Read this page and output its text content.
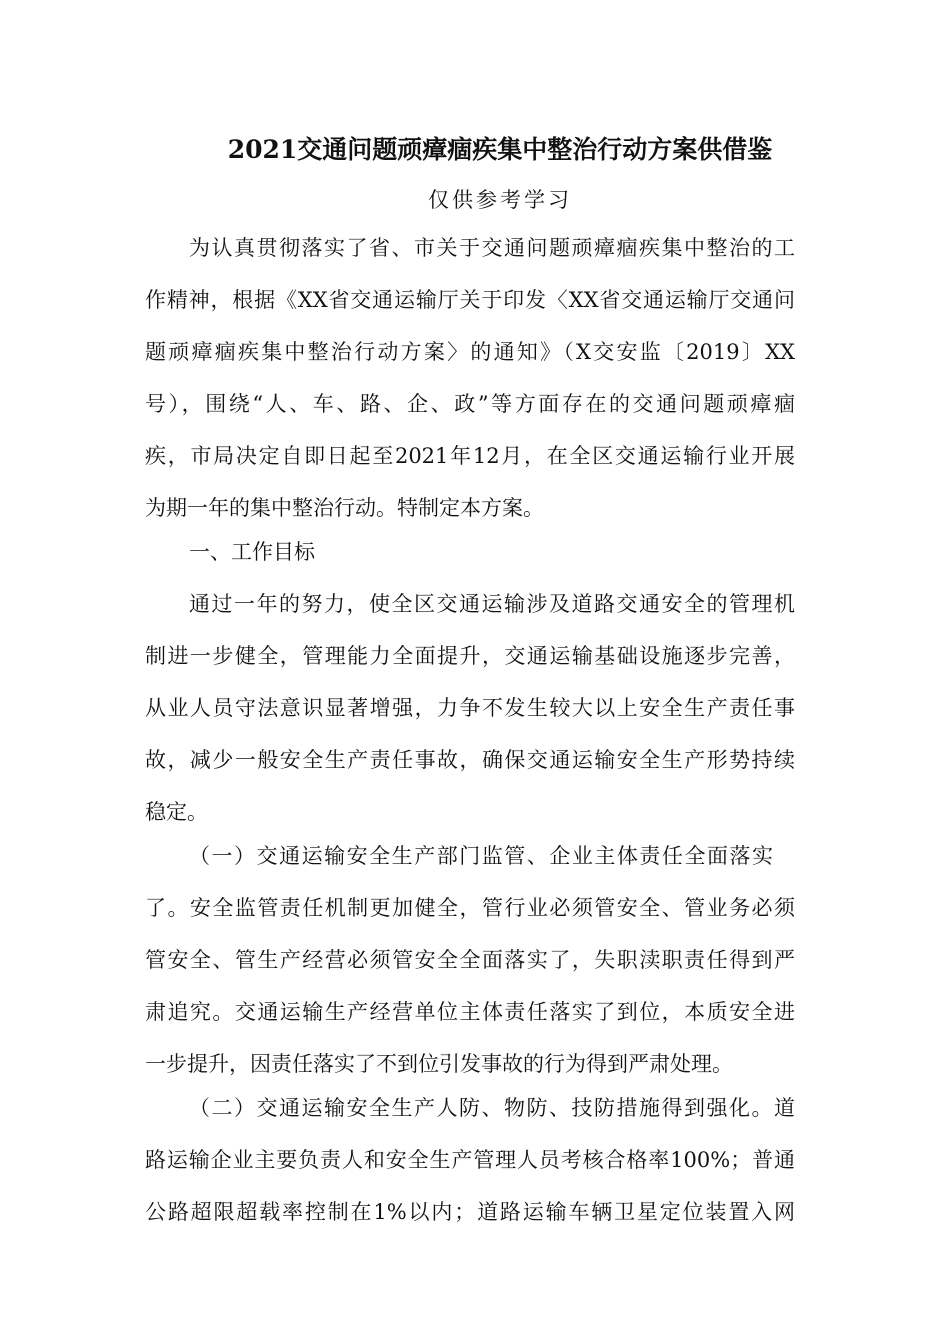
2021交通问题顽瘴痼疾集中整治行动方案供借鉴
仅供参考学习
为认真贯彻落实了省、市关于交通问题顽瘴痼疾集中整治的工
作精神，根据《XX省交通运输厅关于印发〈XX省交通运输厅交通问
题顽瘴痼疾集中整治行动方案〉的通知》（X交安监〔2019〕XX
号），围绕“人、车、路、企、政”等方面存在的交通问题顽瘴痼
疾，市局决定自即日起至2021年12月，在全区交通运输行业开展
为期一年的集中整治行动。特制定本方案。
一、工作目标
通过一年的努力，使全区交通运输涉及道路交通安全的管理机
制进一步健全，管理能力全面提升，交通运输基础设施逐步完善，
从业人员守法意识显著增强，力争不发生较大以上安全生产责任事
故，减少一般安全生产责任事故，确保交通运输安全生产形势持续
稳定。
（一）交通运输安全生产部门监管、企业主体责任全面落实
了。安全监管责任机制更加健全，管行业必须管安全、管业务必须
管安全、管生产经营必须管安全全面落实了，失职渎职责任得到严
肃追究。交通运输生产经营单位主体责任落实了到位，本质安全进
一步提升，因责任落实了不到位引发事故的行为得到严肃处理。
（二）交通运输安全生产人防、物防、技防措施得到强化。道
路运输企业主要负责人和安全生产管理人员考核合格率100%；普通
公路超限超载率控制在1%以内；道路运输车辆卫星定位装置入网
